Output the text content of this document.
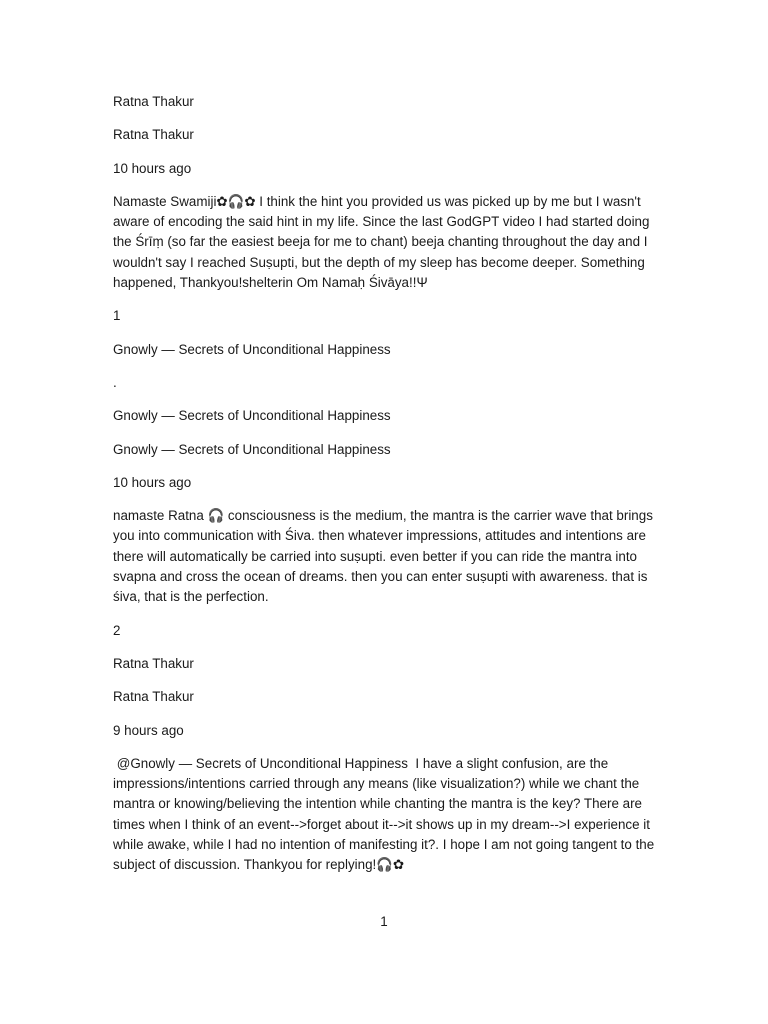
Ratna Thakur

Ratna Thakur

10 hours ago

Namaste Swamiji✿🎧✿ I think the hint you provided us was picked up by me but I wasn't aware of encoding the said hint in my life. Since the last GodGPT video I had started doing the Śrīṃ (so far the easiest beeja for me to chant) beeja chanting throughout the day and I wouldn't say I reached Suṣupti, but the depth of my sleep has become deeper. Something happened, Thankyou!shelterin Om Namaḥ Śivāya!!Ψ

1

Gnowly — Secrets of Unconditional Happiness

.

Gnowly — Secrets of Unconditional Happiness

Gnowly — Secrets of Unconditional Happiness

10 hours ago

namaste Ratna 🎧 consciousness is the medium, the mantra is the carrier wave that brings you into communication with Śiva. then whatever impressions, attitudes and intentions are there will automatically be carried into suṣupti. even better if you can ride the mantra into svapna and cross the ocean of dreams. then you can enter suṣupti with awareness. that is śiva, that is the perfection.

2

Ratna Thakur

Ratna Thakur

9 hours ago

@Gnowly — Secrets of Unconditional Happiness  I have a slight confusion, are the impressions/intentions carried through any means (like visualization?) while we chant the mantra or knowing/believing the intention while chanting the mantra is the key? There are times when I think of an event-->forget about it-->it shows up in my dream-->I experience it while awake, while I had no intention of manifesting it?. I hope I am not going tangent to the subject of discussion. Thankyou for replying!🎧✿

1
